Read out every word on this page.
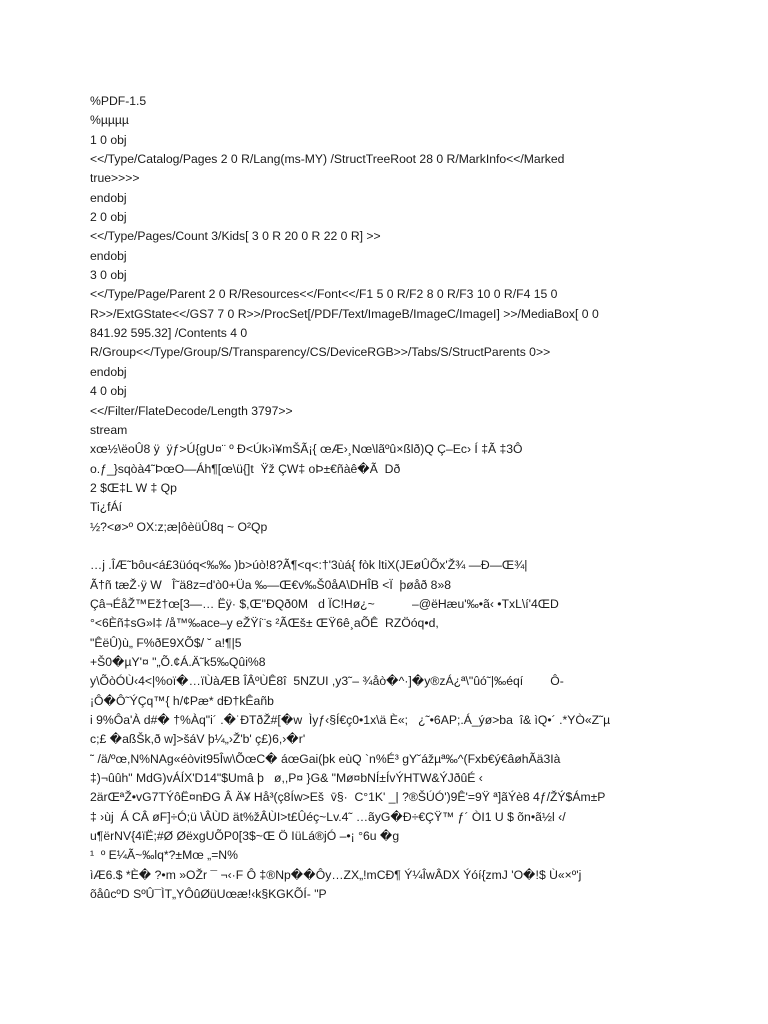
%PDF-1.5
%µµµµ
1 0 obj
<</Type/Catalog/Pages 2 0 R/Lang(ms-MY) /StructTreeRoot 28 0 R/MarkInfo<</Marked
true>>>>
endobj
2 0 obj
<</Type/Pages/Count 3/Kids[ 3 0 R 20 0 R 22 0 R] >>
endobj
3 0 obj
<</Type/Page/Parent 2 0 R/Resources<</Font<</F1 5 0 R/F2 8 0 R/F3 10 0 R/F4 15 0
R>>/ExtGState<</GS7 7 0 R>>/ProcSet[/PDF/Text/ImageB/ImageC/ImageI] >>/MediaBox[ 0 0
841.92 595.32] /Contents 4 0
R/Group<</Type/Group/S/Transparency/CS/DeviceRGB>>/Tabs/S/StructParents 0>>
endobj
4 0 obj
<</Filter/FlateDecode/Length 3797>>
stream
xœ½\ëoÛ8 ÿ  ÿƒ>Ú{gU¤¨ º Ð<Úk›ì¥mŠÃ¡{ œÆ›¸Nœ\lãºû×ßlð)Q Ç–Ec› Í ‡Ã ‡3Ô
o.ƒ_}sqòà4˜ÞœO—Áh¶[œ\ü{]t  Ÿž ÇW‡ oÞ±€ñàê�Ã  Dð
2 $Œ‡L W ‡ Qp
Ti¿fÁí
½?<ø>º OX:z;æ|ôèüÛ8q ~ O²Qp
…j .ÎÆ˜bôu<á£3üóq<‰‰ )b>úò!8?Ã¶<q<:†'3ùá{ fòk ltiX(JEøÛÕx'Ž¾ —Ð—Œ¾|
Ã†ñ tæŽ·ÿ W   Î˜ä8z=d'ò0+Üa ‰—Œ€v‰Š0åA\DHÎB <Ï  þøåð 8»8
Çâ¬ÉåŽ™Ež†œ[3—… Ëÿ· $,Œ"ÐQð0M   d ÏC!Hø¿~           –@ëHæu'‰•ã‹ •TxL\í'4ŒD
°<6Èñ‡sG»l‡ /å™‰ace–y eŽŸí¨s ²ÃŒš± ŒŸ6ê¸aÕÊ  RZÖóq•d,
"ÊëÛ)ù„ F%ðE9XÕ$/ ˘ a!¶|5
+Š0�µY'¤ "„Õ.¢Á.Ä˜k5‰Qûi%8
y\ÕòÓÙ‹4<|%oï�…ïÙàÆB ÎÂºÙÊ8î  5NZUI ,y3˜– ¾åò�^·]�y®zÁ¿ª\"ûó˜|‰éqí        Ô-
¡Ô�Ô˜ÝÇq™{ h/¢Pæ* dÐ†kÊañb
i 9%Ôa'À d#� †%Àq"i´ .�˙ÐTðŽ#[�w  Ìyƒ‹§Í€ç0•1x\ä È«;   ¿˜•6AP;.Á_ýø>ba  î& ìQ•´ .*YÒ«Z˜µ
c;£ �aßŠk,ð w]>šáV þ¼„›Ž'b' ç£)6,›�r'
˜ /ä/ºœ,N%NAg«éòvit95Îw\ÕœC� áœGai(þk eùQ `n%É³ gY˘ážµª‰^(Fxb€ý€âøhÃä3Ià
‡)¬ûûh" MdG)vÁÍX'D14"$Umâ þ   ø,,P¤ }G& "Mø¤bNÍ±ÍvÝHTW&ÝJðûÉ ‹
2ärŒªŽ•vG7TÝôË¤nÐG Â Ä¥ Hå³(ç8Íw>Eš  v̄§·  C°1K' _| ?®ŠÚÓ')9Ê'=9Ÿ ª]ãÝè8 4ƒ/ŽÝ$Ám±P
‡ ›ùj  Á CÂ øF]÷Ó;ü \ÂÙD ät%žÂÙI>t£Ûéç~Lv.4˜ …ãyG�Ð÷€ÇŸ™ ƒ´ ÒI1 U $ õn•ã½l ‹/
u¶ërNV{4ïË;#Ø ØëxgUÕP0[3$~Œ Ö IüLá®jÓ –•¡ °6u �g
¹  º E¼Ã~‰lq*?±Mœ „=N%
ìÆ6.$ *È� ?•m »OŽr ¯ ¬‹·F Ô ‡®Np��Ôy…ZX„!mCÐ¶ Ý¼ÎwÂDX Ýóí{zmJ 'O�!$ Ù«×º'j
õåûcºD SºÛ¯ÌT„YÔûØüUœæ!‹k§KGKÕÍ- "P
